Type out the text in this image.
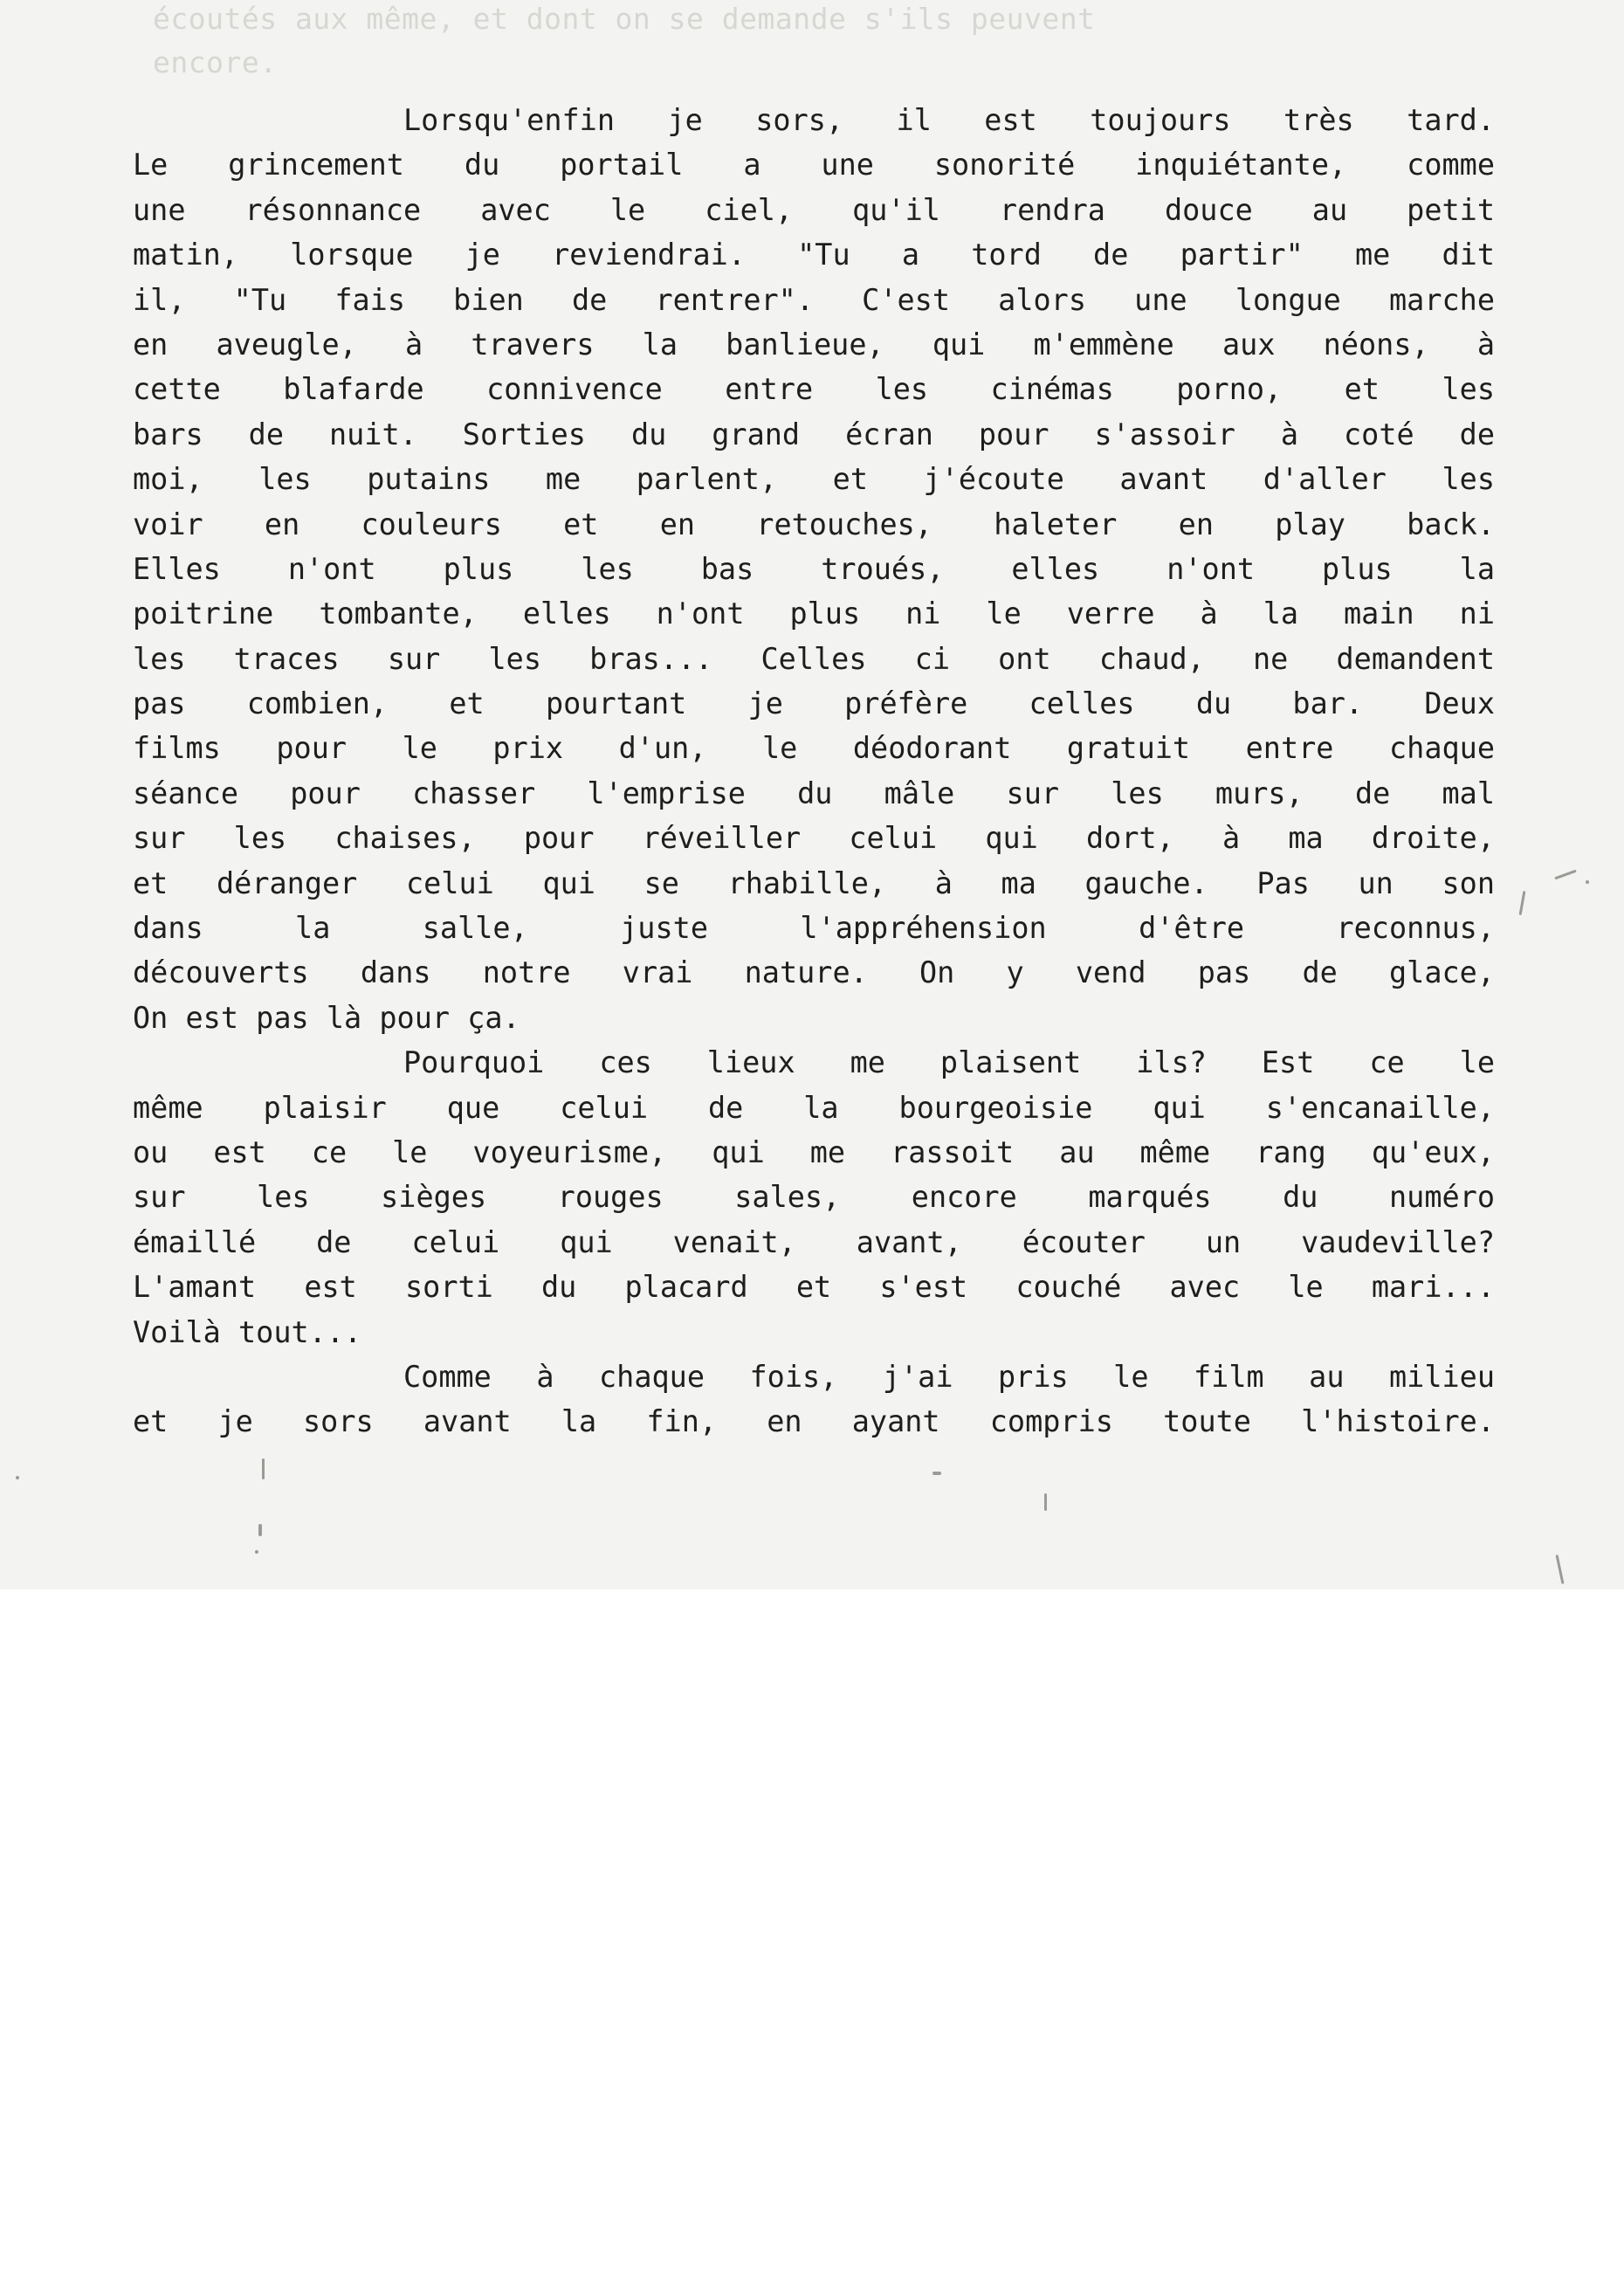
écoutés aux même, et dont on se demande s'ils peuvent
encore.
Lorsqu'enfin je sors, il est toujours très tard.
Le grincement du portail a une sonorité inquiétante, comme
une résonnance avec le ciel, qu'il rendra douce au petit
matin, lorsque je reviendrai. "Tu a tord de partir" me dit
il, "Tu fais bien de rentrer". C'est alors une longue marche
en aveugle, à travers la banlieue, qui m'emmène aux néons, à
cette blafarde connivence entre les cinémas porno, et les
bars de nuit. Sorties du grand écran pour s'assoir à coté de
moi, les putains me parlent, et j'écoute avant d'aller les
voir en couleurs et en retouches, haleter en play back.
Elles n'ont plus les bas troués, elles n'ont plus la
poitrine tombante, elles n'ont plus ni le verre à la main ni
les traces sur les bras... Celles ci ont chaud, ne demandent
pas combien, et pourtant je préfère celles du bar. Deux
films pour le prix d'un, le déodorant gratuit entre chaque
séance pour chasser l'emprise du mâle sur les murs, de mal
sur les chaises, pour réveiller celui qui dort, à ma droite,
et déranger celui qui se rhabille, à ma gauche. Pas un son
dans la salle, juste l'appréhension d'être reconnus,
découverts dans notre vrai nature. On y vend pas de glace,
On est pas là pour ça.
Pourquoi ces lieux me plaisent ils? Est ce le
même plaisir que celui de la bourgeoisie qui s'encanaille,
ou est ce le voyeurisme, qui me rassoit au même rang qu'eux,
sur les sièges rouges sales, encore marqués du numéro
émaillé de celui qui venait, avant, écouter un vaudeville?
L'amant est sorti du placard et s'est couché avec le mari...
Voilà tout...
Comme à chaque fois, j'ai pris le film au milieu
et je sors avant la fin, en ayant compris toute l'histoire.
